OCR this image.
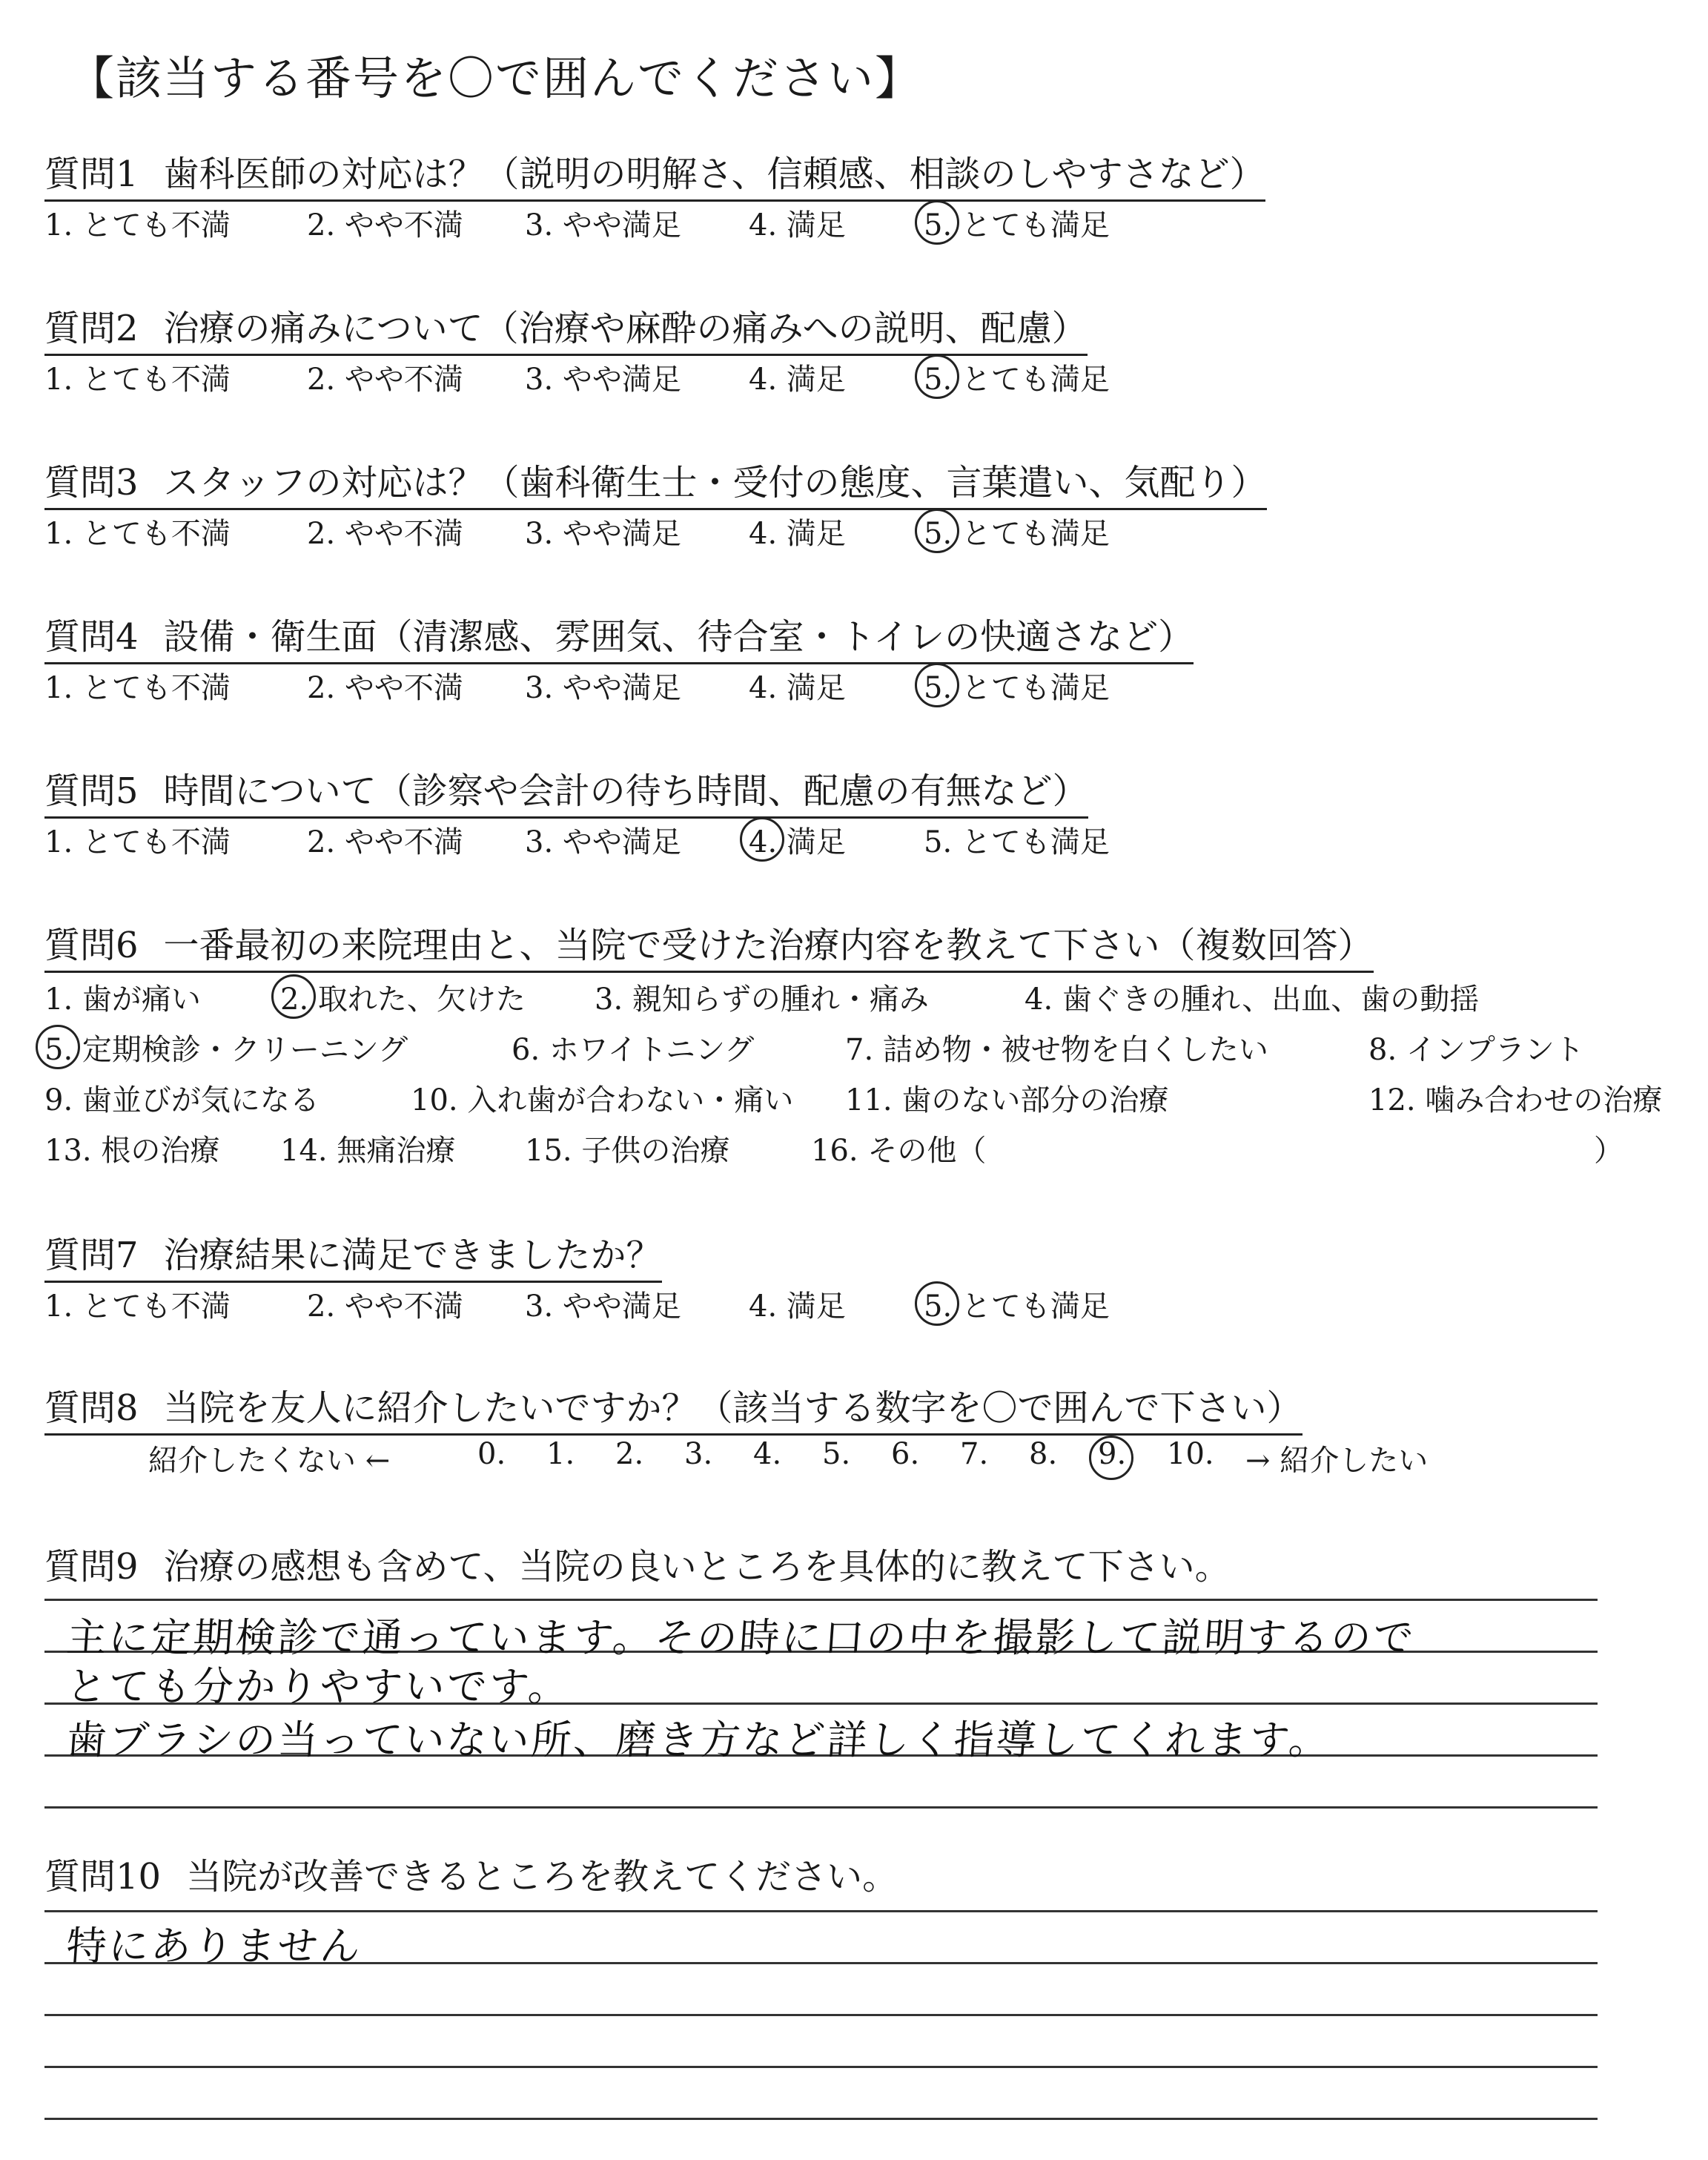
【該当する番号を〇で囲んでください】
質問1 歯科医師の対応は？（説明の明解さ、信頼感、相談のしやすさなど）
1. とても不満	2. やや不満	3. やや満足	4. 満足	5. とても満足
質問2 治療の痛みについて（治療や麻酔の痛みへの説明、配慮）
1. とても不満	2. やや不満	3. やや満足	4. 満足	5. とても満足
質問3 スタッフの対応は？（歯科衛生士・受付の態度、言葉遣い、気配り）
1. とても不満	2. やや不満	3. やや満足	4. 満足	5. とても満足
質問4 設備・衛生面（清潔感、雰囲気、待合室・トイレの快適さなど）
1. とても不満	2. やや不満	3. やや満足	4. 満足	5. とても満足
質問5 時間について（診察や会計の待ち時間、配慮の有無など）
1. とても不満	2. やや不満	3. やや満足	4. 満足	5. とても満足
質問6 一番最初の来院理由と、当院で受けた治療内容を教えて下さい（複数回答）
1. 歯が痛い	2. 取れた、欠けた	3. 親知らずの腫れ・痛み	4. 歯ぐきの腫れ、出血、歯の動揺
5. 定期検診・クリーニング	6. ホワイトニング	7. 詰め物・被せ物を白くしたい	8. インプラント
9. 歯並びが気になる	10. 入れ歯が合わない・痛い	11. 歯のない部分の治療	12. 噛み合わせの治療
13. 根の治療	14. 無痛治療	15. 子供の治療	16. その他（	）
質問7 治療結果に満足できましたか？
1. とても不満	2. やや不満	3. やや満足	4. 満足	5. とても満足
質問8 当院を友人に紹介したいですか？（該当する数字を〇で囲んで下さい）
紹介したくない ←	0.	1.	2.	3.	4.	5.	6.	7.	8.	9.	10.	→ 紹介したい
質問9 治療の感想も含めて、当院の良いところを具体的に教えて下さい。
主に定期検診で通っています。その時に口の中を撮影して説明するので
とても分かりやすいです。
歯ブラシの当っていない所、磨き方など詳しく指導してくれます。
質問10 当院が改善できるところを教えてください。
特にありません
